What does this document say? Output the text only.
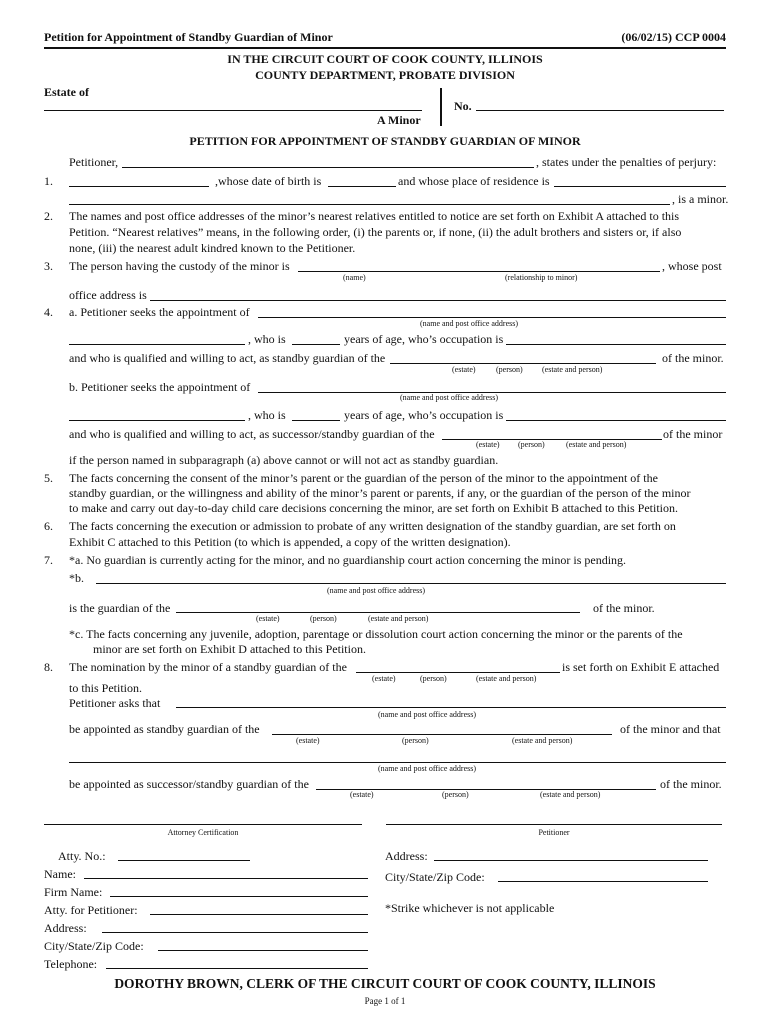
Petition for Appointment of Standby Guardian of Minor	(06/02/15) CCP 0004
IN THE CIRCUIT COURT OF COOK COUNTY, ILLINOIS
COUNTY DEPARTMENT, PROBATE DIVISION
Estate of
A Minor
No.
PETITION FOR APPOINTMENT OF STANDBY GUARDIAN OF MINOR
Petitioner,	, states under the penalties of perjury:
1.	,whose date of birth is	and whose place of residence is
, is a minor.
2. The names and post office addresses of the minor’s nearest relatives entitled to notice are set forth on Exhibit A attached to this
Petition. “Nearest relatives” means, in the following order, (i) the parents or, if none, (ii) the adult brothers and sisters or, if also
none, (iii) the nearest adult kindred known to the Petitioner.
3. The person having the custody of the minor is	, whose post
(name)	(relationship to minor)
office address is
4. a. Petitioner seeks the appointment of
(name and post office address)
, who is	years of age, who’s occupation is
and who is qualified and willing to act, as standby guardian of the	of the minor.
(estate)	(person) (estate and person)
b. Petitioner seeks the appointment of
(name and post office address)
, who is	years of age, who’s occupation is
and who is qualified and willing to act, as successor/standby guardian of the	of the minor
(estate) (person)	(estate and person)
if the person named in subparagraph (a) above cannot or will not act as standby guardian.
5. The facts concerning the consent of the minor’s parent or the guardian of the person of the minor to the appointment of the
standby guardian, or the willingness and ability of the minor’s parent or parents, if any, or the guardian of the person of the minor
to make and carry out day-to-day child care decisions concerning the minor, are set forth on Exhibit B attached to this Petition.
6. The facts concerning the execution or admission to probate of any written designation of the standby guardian, are set forth on
Exhibit C attached to this Petition (to which is appended, a copy of the written designation).
7. *a. No guardian is currently acting for the minor, and no guardianship court action concerning the minor is pending.
*b.
(name and post office address)
is the guardian of the	of the minor.
(estate)	(person)	(estate and person)
*c. The facts concerning any juvenile, adoption, parentage or dissolution court action concerning the minor or the parents of the
minor are set forth on Exhibit D attached to this Petition.
8. The nomination by the minor of a standby guardian of the	is set forth on Exhibit E attached
(estate)	(person)	(estate and person)
to this Petition.
Petitioner asks that
(name and post office address)
be appointed as standby guardian of the	of the minor and that
(estate)	(person)	(estate and person)
(name and post office address)
be appointed as successor/standby guardian of the	of the minor.
(estate)	(person)	(estate and person)
Attorney Certification	Petitioner
Atty. No.:
Name:
Firm Name:
Atty. for Petitioner:
Address:
City/State/Zip Code:
Telephone:
Address:
City/State/Zip Code:
*Strike whichever is not applicable
DOROTHY BROWN, CLERK OF THE CIRCUIT COURT OF COOK COUNTY, ILLINOIS
Page 1 of 1
